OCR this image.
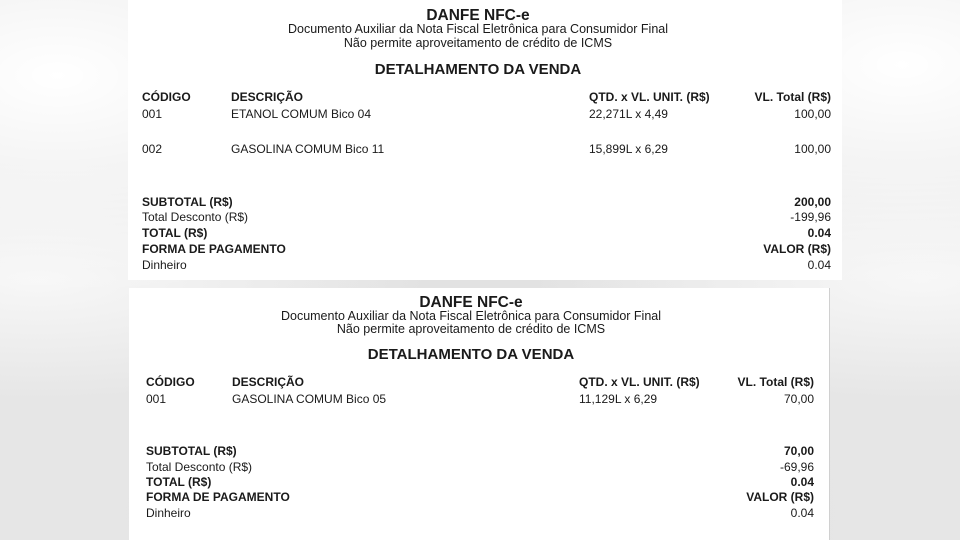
DANFE NFC-e
Documento Auxiliar da Nota Fiscal Eletrônica para Consumidor Final
Não permite aproveitamento de crédito de ICMS
DETALHAMENTO DA VENDA
CÓDIGO	DESCRIÇÃO	QTD. x VL. UNIT. (R$)	VL. Total (R$)
001	ETANOL COMUM Bico 04	22,271L x 4,49	100,00
002	GASOLINA COMUM Bico 11	15,899L x 6,29	100,00
SUBTOTAL (R$)	200,00
Total Desconto (R$)	-199,96
TOTAL (R$)	0.04
FORMA DE PAGAMENTO	VALOR (R$)
Dinheiro	0.04
DANFE NFC-e
Documento Auxiliar da Nota Fiscal Eletrônica para Consumidor Final
Não permite aproveitamento de crédito de ICMS
DETALHAMENTO DA VENDA
CÓDIGO	DESCRIÇÃO	QTD. x VL. UNIT. (R$)	VL. Total (R$)
001	GASOLINA COMUM Bico 05	11,129L x 6,29	70,00
SUBTOTAL (R$)	70,00
Total Desconto (R$)	-69,96
TOTAL (R$)	0.04
FORMA DE PAGAMENTO	VALOR (R$)
Dinheiro	0.04
